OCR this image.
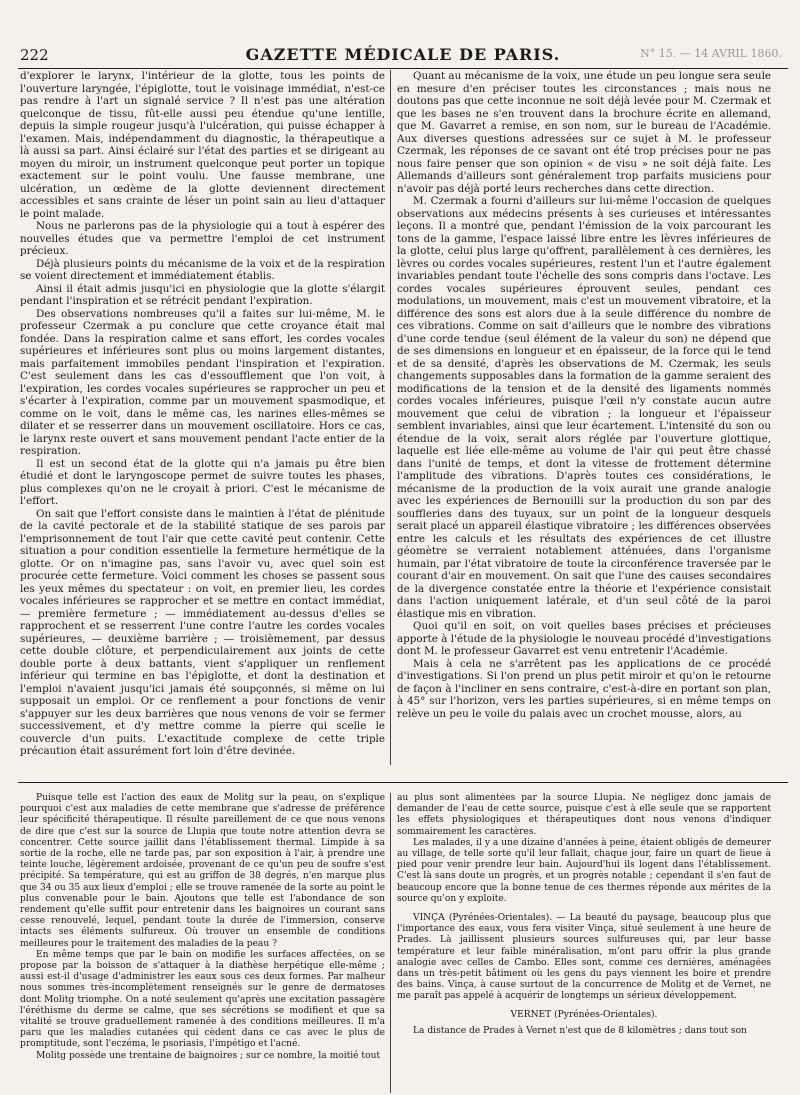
222	GAZETTE MÉDICALE DE PARIS.	N° 15. — 14 AVRIL 1860.

d'explorer le larynx, l'intérieur de la glotte, tous les points de l'ouverture laryngée, l'épiglotte, tout le voisinage immédiat, n'est-ce pas rendre à l'art un signalé service ? Il n'est pas une altération quelconque de tissu, fût-elle aussi peu étendue qu'une lentille, depuis la simple rougeur jusqu'à l'ulcération, qui puisse échapper à l'examen. Mais, indépendamment du diagnostic, la thérapeutique a là aussi sa part. Ainsi éclairé sur l'état des parties et se dirigeant au moyen du miroir, un instrument quelconque peut porter un topique exactement sur le point voulu. Une fausse membrane, une ulcération, un œdème de la glotte deviennent directement accessibles et sans crainte de léser un point sain au lieu d'attaquer le point malade.

Nous ne parlerons pas de la physiologie qui a tout à espérer des nouvelles études que va permettre l'emploi de cet instrument précieux.

Déjà plusieurs points du mécanisme de la voix et de la respiration se voient directement et immédiatement établis.

Ainsi il était admis jusqu'ici en physiologie que la glotte s'élargit pendant l'inspiration et se rétrécit pendant l'expiration.

Des observations nombreuses qu'il a faites sur lui-même, M. le professeur Czermak a pu conclure que cette croyance était mal fondée. Dans la respiration calme et sans effort, les cordes vocales supérieures et inférieures sont plus ou moins largement distantes, mais parfaitement immobiles pendant l'inspiration et l'expiration. C'est seulement dans les cas d'essoufflement que l'on voit, à l'expiration, les cordes vocales supérieures se rapprocher un peu et s'écarter à l'expiration, comme par un mouvement spasmodique, et comme on le voit, dans le même cas, les narines elles-mêmes se dilater et se resserrer dans un mouvement oscillatoire. Hors ce cas, le larynx reste ouvert et sans mouvement pendant l'acte entier de la respiration.

Il est un second état de la glotte qui n'a jamais pu être bien étudié et dont le laryngoscope permet de suivre toutes les phases, plus complexes qu'on ne le croyait à priori. C'est le mécanisme de l'effort.

On sait que l'effort consiste dans le maintien à l'état de plénitude de la cavité pectorale et de la stabilité statique de ses parois par l'emprisonnement de tout l'air que cette cavité peut contenir. Cette situation a pour condition essentielle la fermeture hermétique de la glotte. Or on n'imagine pas, sans l'avoir vu, avec quel soin est procurée cette fermeture. Voici comment les choses se passent sous les yeux mêmes du spectateur : on voit, en premier lieu, les cordes vocales inférieures se rapprocher et se mettre en contact immédiat, — première fermeture ; — immédiatement au-dessus d'elles se rapprochent et se resserrent l'une contre l'autre les cordes vocales supérieures, — deuxième barrière ; — troisièmement, par dessus cette double clôture, et perpendiculairement aux joints de cette double porte à deux battants, vient s'appliquer un renflement inférieur qui termine en bas l'épiglotte, et dont la destination et l'emploi n'avaient jusqu'ici jamais été soupçonnés, si même on lui supposait un emploi. Or ce renflement a pour fonctions de venir s'appuyer sur les deux barrières que nous venons de voir se fermer successivement, et d'y mettre comme la pierre qui scelle le couvercle d'un puits. L'exactitude complexe de cette triple précaution était assurément fort loin d'être devinée.

Quant au mécanisme de la voix, une étude un peu longue sera seule en mesure d'en préciser toutes les circonstances ; mais nous ne doutons pas que cette inconnue ne soit déjà levée pour M. Czermak et que les bases ne s'en trouvent dans la brochure écrite en allemand, que M. Gavarret a remise, en son nom, sur le bureau de l'Académie. Aux diverses questions adressées sur ce sujet à M. le professeur Czermak, les réponses de ce savant ont été trop précises pour ne pas nous faire penser que son opinion « de visu » ne soit déjà faite. Les Allemands d'ailleurs sont généralement trop parfaits musiciens pour n'avoir pas déjà porté leurs recherches dans cette direction.

M. Czermak a fourni d'ailleurs sur lui-même l'occasion de quelques observations aux médecins présents à ses curieuses et intéressantes leçons. Il a montré que, pendant l'émission de la voix parcourant les tons de la gamme, l'espace laissé libre entre les lèvres inférieures de la glotte, celui plus large qu'offrent, parallèlement à ces dernières, les lèvres ou cordes vocales supérieures, restent l'un et l'autre également invariables pendant toute l'échelle des sons compris dans l'octave. Les cordes vocales supérieures éprouvent seules, pendant ces modulations, un mouvement, mais c'est un mouvement vibratoire, et la différence des sons est alors due à la seule différence du nombre de ces vibrations. Comme on sait d'ailleurs que le nombre des vibrations d'une corde tendue (seul élément de la valeur du son) ne dépend que de ses dimensions en longueur et en épaisseur, de la force qui le tend et de sa densité, d'après les observations de M. Czermak, les seuls changements supposables dans la formation de la gamme seraient des modifications de la tension et de la densité des ligaments nommés cordes vocales inférieures, puisque l'œil n'y constate aucun autre mouvement que celui de vibration ; la longueur et l'épaisseur semblent invariables, ainsi que leur écartement. L'intensité du son ou étendue de la voix, serait alors réglée par l'ouverture glottique, laquelle est liée elle-même au volume de l'air qui peut être chassé dans l'unité de temps, et dont la vitesse de frottement détermine l'amplitude des vibrations. D'après toutes ces considérations, le mécanisme de la production de la voix aurait une grande analogie avec les expériences de Bernouilli sur la production du son par des souffleries dans des tuyaux, sur un point de la longueur desquels serait placé un appareil élastique vibratoire ; les différences observées entre les calculs et les résultats des expériences de cet illustre géomètre se verraient notablement atténuées, dans l'organisme humain, par l'état vibratoire de toute la circonférence traversée par le courant d'air en mouvement. On sait que l'une des causes secondaires de la divergence constatée entre la théorie et l'expérience consistait dans l'action uniquement latérale, et d'un seul côté de la paroi élastique mis en vibration.

Quoi qu'il en soit, on voit quelles bases précises et précieuses apporte à l'étude de la physiologie le nouveau procédé d'investigations dont M. le professeur Gavarret est venu entretenir l'Académie.

Mais à cela ne s'arrêtent pas les applications de ce procédé d'investigations. Si l'on prend un plus petit miroir et qu'on le retourne de façon à l'incliner en sens contraire, c'est-à-dire en portant son plan, à 45° sur l'horizon, vers les parties supérieures, si en même temps on relève un peu le voile du palais avec un crochet mousse, alors, au

Puisque telle est l'action des eaux de Molitg sur la peau, on s'explique pourquoi c'est aux maladies de cette membrane que s'adresse de préférence leur spécificité thérapeutique. Il résulte pareillement de ce que nous venons de dire que c'est sur la source de Llupia que toute notre attention devra se concentrer. Cette source jaillit dans l'établissement thermal. Limpide à sa sortie de la roche, elle ne tarde pas, par son exposition à l'air, à prendre une teinte louche, légèrement ardoisée, provenant de ce qu'un peu de soufre s'est précipité. Sa température, qui est au griffon de 38 degrés, n'en marque plus que 34 ou 35 aux lieux d'emploi ; elle se trouve ramenée de la sorte au point le plus convenable pour le bain. Ajoutons que telle est l'abondance de son rendement qu'elle suffit pour entretenir dans les baignoires un courant sans cesse renouvelé, lequel, pendant toute la durée de l'immersion, conserve intacts ses éléments sulfureux. Où trouver un ensemble de conditions meilleures pour le traitement des maladies de la peau ?

En même temps que par le bain on modifie les surfaces affectées, on se propose par la boisson de s'attaquer à la diathèse herpétique elle-même ; aussi est-il d'usage d'administrer les eaux sous ces deux formes. Par malheur nous sommes très-incomplètement renseignés sur le genre de dermatoses dont Molitg triomphe. On a noté seulement qu'après une excitation passagère l'éréthisme du derme se calme, que ses sécrétions se modifient et que sa vitalité se trouve graduellement ramenée à des conditions meilleures. Il m'a paru que les maladies cutanées qui cèdent dans ce cas avec le plus de promptitude, sont l'eczéma, le psoriasis, l'impétigo et l'acné.

Molitg possède une trentaine de baignoires ; sur ce nombre, la moitié tout

au plus sont alimentées par la source Llupia. Ne négligez donc jamais de demander de l'eau de cette source, puisque c'est à elle seule que se rapportent les effets physiologiques et thérapeutiques dont nous venons d'indiquer sommairement les caractères.

Les malades, il y a une dizaine d'années à peine, étaient obligés de demeurer au village, de telle sorte qu'il leur fallait, chaque jour, faire un quart de lieue à pied pour venir prendre leur bain. Aujourd'hui ils logent dans l'établissement. C'est là sans doute un progrès, et un progrès notable ; cependant il s'en faut de beaucoup encore que la bonne tenue de ces thermes réponde aux mérites de la source qu'on y exploite.

VINÇA (Pyrénées-Orientales). — La beauté du paysage, beaucoup plus que l'importance des eaux, vous fera visiter Vinça, situé seulement à une heure de Prades. Là jaillissent plusieurs sources sulfureuses qui, par leur basse température et leur faible minéralisation, m'ont paru offrir la plus grande analogie avec celles de Cambo. Elles sont, comme ces dernières, aménagées dans un très-petit bâtiment où les gens du pays viennent les boire et prendre des bains. Vinça, à cause surtout de la concurrence de Molitg et de Vernet, ne me paraît pas appelé à acquérir de longtemps un sérieux développement.

VERNET (Pyrénées-Orientales).

La distance de Prades à Vernet n'est que de 8 kilomètres ; dans tout son
